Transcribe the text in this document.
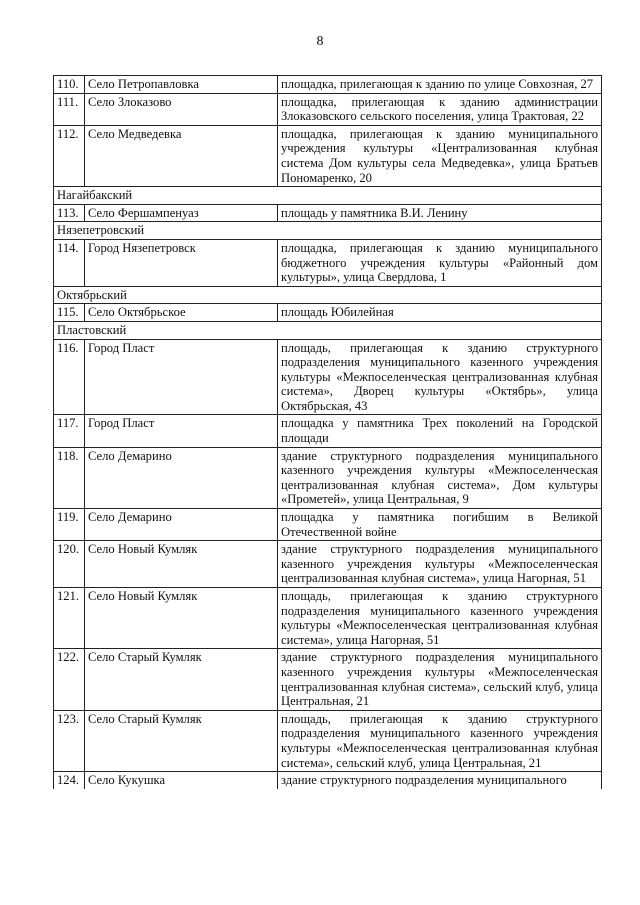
8
110.	Село Петропавловка	площадка, прилегающая к зданию по улице Совхозная, 27
111.	Село Злоказово	площадка, прилегающая к зданию администрации Злоказовского сельского поселения, улица Трактовая, 22
112.	Село Медведевка	площадка, прилегающая к зданию муниципального учреждения культуры «Централизованная клубная система Дом культуры села Медведевка», улица Братьев Пономаренко, 20
Нагайбакский		
113.	Село Фершампенуаз	площадь у памятника В.И. Ленину
Нязепетровский		
114.	Город Нязепетровск	площадка, прилегающая к зданию муниципального бюджетного учреждения культуры «Районный дом культуры», улица Свердлова, 1
Октябрьский		
115.	Село Октябрьское	площадь Юбилейная
Пластовский		
116.	Город Пласт	площадь, прилегающая к зданию структурного подразделения муниципального казенного учреждения культуры «Межпоселенческая централизованная клубная система», Дворец культуры «Октябрь», улица Октябрьская, 43
117.	Город Пласт	площадка у памятника Трех поколений на Городской площади
118.	Село Демарино	здание структурного подразделения муниципального казенного учреждения культуры «Межпоселенческая централизованная клубная система», Дом культуры «Прометей», улица Центральная, 9
119.	Село Демарино	площадка у памятника погибшим в Великой Отечественной войне
120.	Село Новый Кумляк	здание структурного подразделения муниципального казенного учреждения культуры «Межпоселенческая централизованная клубная система», улица Нагорная, 51
121.	Село Новый Кумляк	площадь, прилегающая к зданию структурного подразделения муниципального казенного учреждения культуры «Межпоселенческая централизованная клубная система», улица Нагорная, 51
122.	Село Старый Кумляк	здание структурного подразделения муниципального казенного учреждения культуры «Межпоселенческая централизованная клубная система», сельский клуб, улица Центральная, 21
123.	Село Старый Кумляк	площадь, прилегающая к зданию структурного подразделения муниципального казенного учреждения культуры «Межпоселенческая централизованная клубная система», сельский клуб, улица Центральная, 21
124.	Село Кукушка	здание структурного подразделения муниципального
